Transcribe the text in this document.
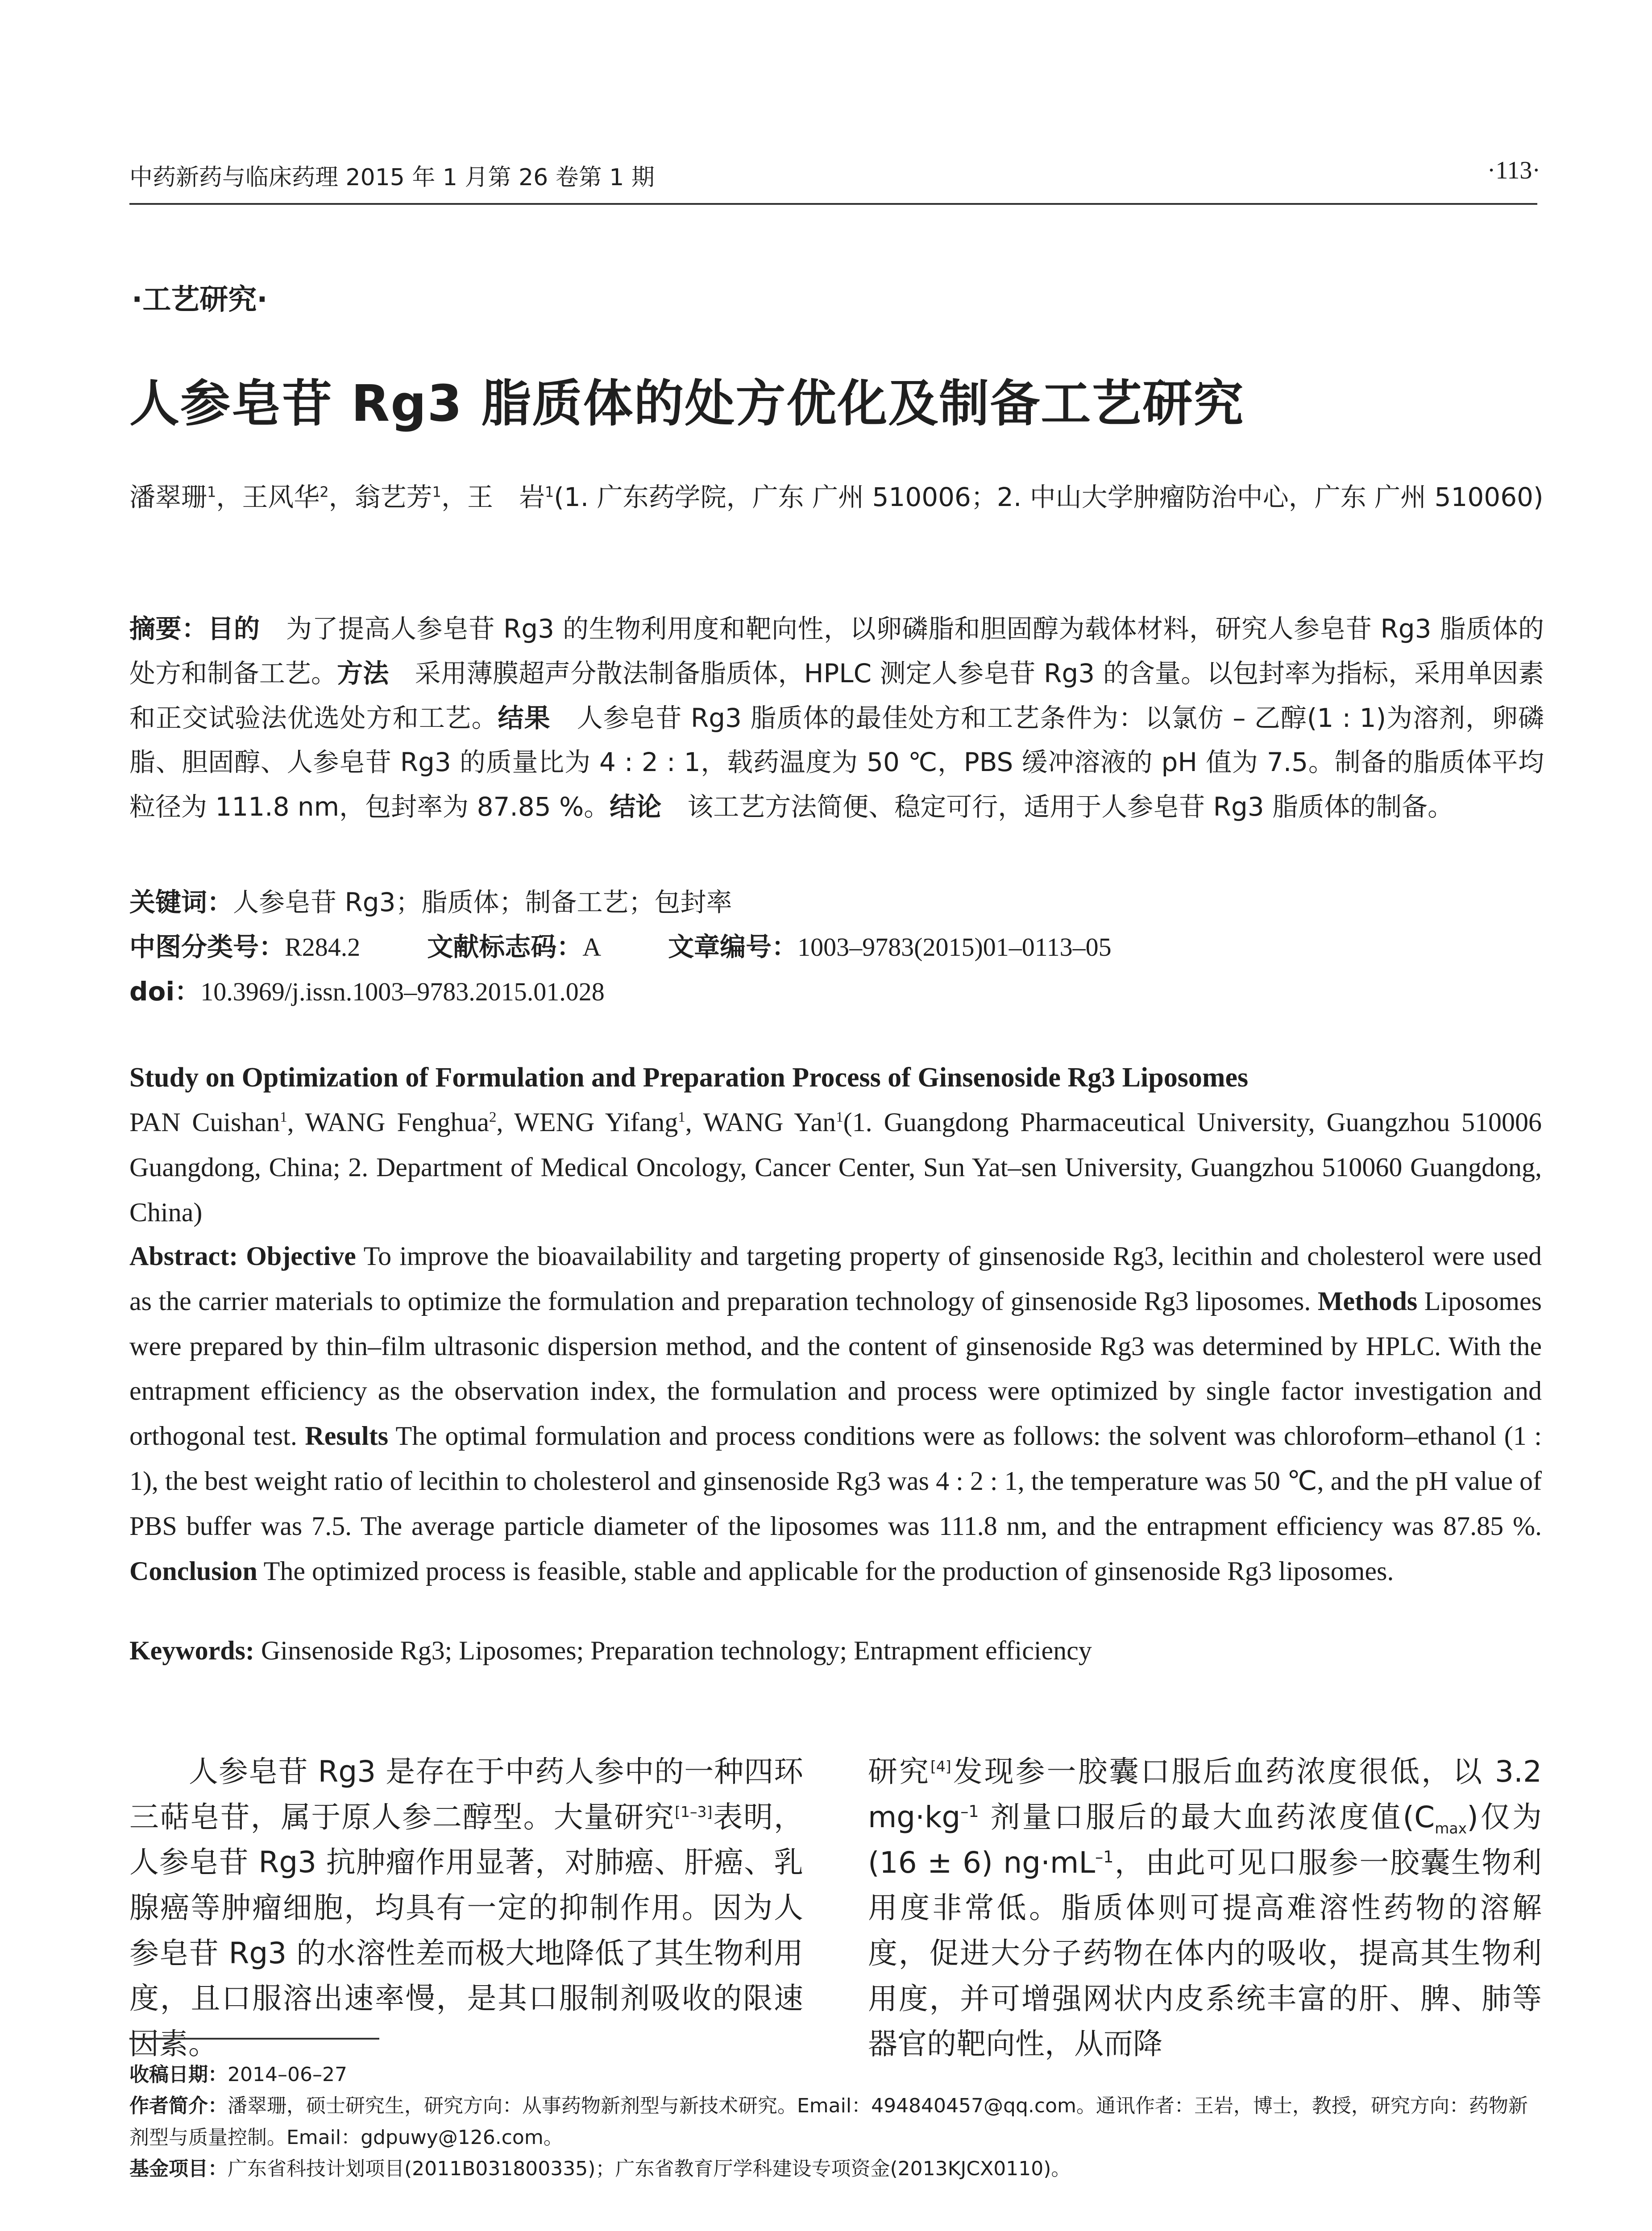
中药新药与临床药理 2015 年 1 月第 26 卷第 1 期	·113·
·工艺研究·
人参皂苷 Rg3 脂质体的处方优化及制备工艺研究
潘翠珊$^1$，王风华$^2$，翁艺芳$^1$，王　岩$^1$(1. 广东药学院，广东 广州 510006；2. 中山大学肿瘤防治中心，广东 广州 510060)
摘要：目的　为了提高人参皂苷 Rg3 的生物利用度和靶向性，以卵磷脂和胆固醇为载体材料，研究人参皂苷 Rg3 脂质体的处方和制备工艺。方法　采用薄膜超声分散法制备脂质体，HPLC 测定人参皂苷 Rg3 的含量。以包封率为指标，采用单因素和正交试验法优选处方和工艺。结果　人参皂苷 Rg3 脂质体的最佳处方和工艺条件为：以氯仿 – 乙醇(1 : 1)为溶剂，卵磷脂、胆固醇、人参皂苷 Rg3 的质量比为 4 : 2 : 1，载药温度为 50 ℃，PBS 缓冲溶液的 pH 值为 7.5。制备的脂质体平均粒径为 111.8 nm，包封率为 87.85 %。结论　该工艺方法简便、稳定可行，适用于人参皂苷 Rg3 脂质体的制备。
关键词：人参皂苷 Rg3；脂质体；制备工艺；包封率
中图分类号：R284.2	文献标志码：A	文章编号：1003–9783(2015)01–0113–05
doi：10.3969/j.issn.1003–9783.2015.01.028
Study on Optimization of Formulation and Preparation Process of Ginsenoside Rg3 Liposomes
PAN Cuishan$^1$, WANG Fenghua$^2$, WENG Yifang$^1$, WANG Yan$^1$(1. Guangdong Pharmaceutical University, Guangzhou 510006 Guangdong, China; 2. Department of Medical Oncology, Cancer Center, Sun Yat–sen University, Guangzhou 510060 Guangdong, China)
Abstract: Objective To improve the bioavailability and targeting property of ginsenoside Rg3, lecithin and cholesterol were used as the carrier materials to optimize the formulation and preparation technology of ginsenoside Rg3 liposomes. Methods Liposomes were prepared by thin–film ultrasonic dispersion method, and the content of ginsenoside Rg3 was determined by HPLC. With the entrapment efficiency as the observation index, the formulation and process were optimized by single factor investigation and orthogonal test. Results The optimal formulation and process conditions were as follows: the solvent was chloroform–ethanol (1 : 1), the best weight ratio of lecithin to cholesterol and ginsenoside Rg3 was 4 : 2 : 1, the temperature was 50 ℃, and the pH value of PBS buffer was 7.5. The average particle diameter of the liposomes was 111.8 nm, and the entrapment efficiency was 87.85 %. Conclusion The optimized process is feasible, stable and applicable for the production of ginsenoside Rg3 liposomes.
Keywords: Ginsenoside Rg3; Liposomes; Preparation technology; Entrapment efficiency
人参皂苷 Rg3 是存在于中药人参中的一种四环三萜皂苷，属于原人参二醇型。大量研究[1–3]表明，人参皂苷 Rg3 抗肿瘤作用显著，对肺癌、肝癌、乳腺癌等肿瘤细胞，均具有一定的抑制作用。因为人参皂苷 Rg3 的水溶性差而极大地降低了其生物利用度，且口服溶出速率慢，是其口服制剂吸收的限速因素。
研究[4]发现参一胶囊口服后血药浓度很低，以 3.2 $mg\cdot kg^{-1}$ 剂量口服后的最大血药浓度值$(C_{max})$仅为(16 ± 6) $ng\cdot mL^{-1}$，由此可见口服参一胶囊生物利用度非常低。脂质体则可提高难溶性药物的溶解度，促进大分子药物在体内的吸收，提高其生物利用度，并可增强网状内皮系统丰富的肝、脾、肺等器官的靶向性，从而降

收稿日期：2014–06–27

作者简介：潘翠珊，硕士研究生，研究方向：从事药物新剂型与新技术研究。Email：494840457@qq.com。通讯作者：王岩，博士，教授，研究方向：药物新剂型与质量控制。Email：gdpuwy@126.com。

基金项目：广东省科技计划项目(2011B031800335)；广东省教育厅学科建设专项资金(2013KJCX0110)。
